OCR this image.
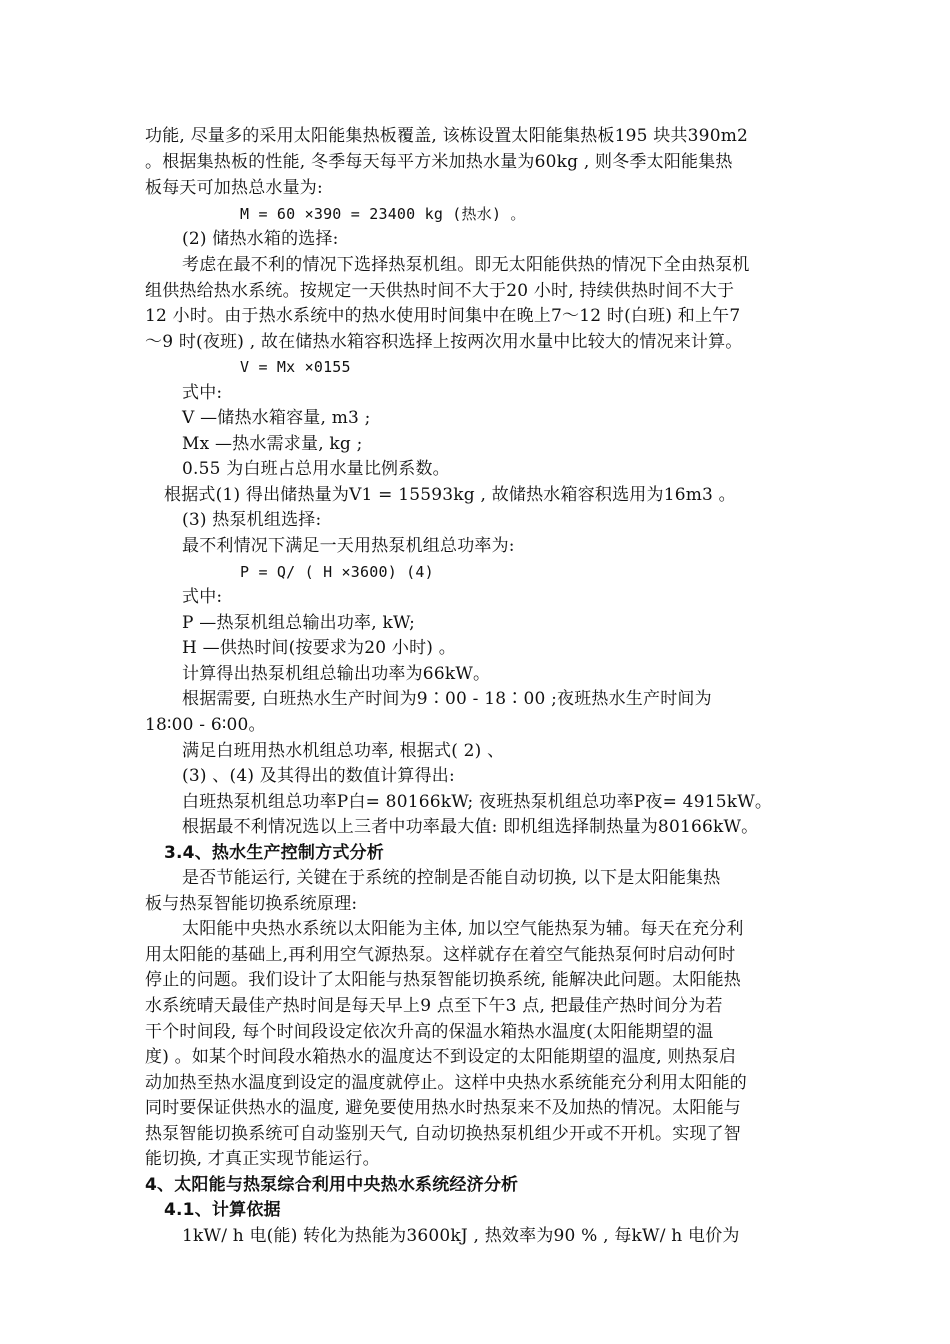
功能, 尽量多的采用太阳能集热板覆盖, 该栋设置太阳能集热板195 块共390m2
。根据集热板的性能, 冬季每天每平方米加热水量为60kg , 则冬季太阳能集热
板每天可加热总水量为:
M = 60 ×390 = 23400 kg (热水) 。
(2) 储热水箱的选择:
考虑在最不利的情况下选择热泵机组。即无太阳能供热的情况下全由热泵机
组供热给热水系统。按规定一天供热时间不大于20 小时, 持续供热时间不大于
12 小时。由于热水系统中的热水使用时间集中在晚上7～12 时(白班) 和上午7
～9 时(夜班) , 故在储热水箱容积选择上按两次用水量中比较大的情况来计算。
V = Mx ×0155
式中:
V —储热水箱容量, m3 ;
Mx —热水需求量, kg ;
0.55 为白班占总用水量比例系数。
根据式(1) 得出储热量为V1 = 15593kg , 故储热水箱容积选用为16m3 。
(3) 热泵机组选择:
最不利情况下满足一天用热泵机组总功率为:
P = Q/ ( H ×3600) (4)
式中:
P —热泵机组总输出功率, kW;
H —供热时间(按要求为20 小时) 。
计算得出热泵机组总输出功率为66kW。
根据需要, 白班热水生产时间为9∶00 - 18∶00 ;夜班热水生产时间为
18∶00 - 6∶00。
满足白班用热水机组总功率, 根据式( 2) 、
(3) 、(4) 及其得出的数值计算得出:
白班热泵机组总功率P白= 80166kW; 夜班热泵机组总功率P夜= 4915kW。
根据最不利情况选以上三者中功率最大值: 即机组选择制热量为80166kW。
3.4、热水生产控制方式分析
是否节能运行, 关键在于系统的控制是否能自动切换, 以下是太阳能集热
板与热泵智能切换系统原理:
太阳能中央热水系统以太阳能为主体, 加以空气能热泵为辅。每天在充分利
用太阳能的基础上,再利用空气源热泵。这样就存在着空气能热泵何时启动何时
停止的问题。我们设计了太阳能与热泵智能切换系统, 能解决此问题。太阳能热
水系统晴天最佳产热时间是每天早上9 点至下午3 点, 把最佳产热时间分为若
干个时间段, 每个时间段设定依次升高的保温水箱热水温度(太阳能期望的温
度) 。如某个时间段水箱热水的温度达不到设定的太阳能期望的温度, 则热泵启
动加热至热水温度到设定的温度就停止。这样中央热水系统能充分利用太阳能的
同时要保证供热水的温度, 避免要使用热水时热泵来不及加热的情况。太阳能与
热泵智能切换系统可自动鉴别天气, 自动切换热泵机组少开或不开机。实现了智
能切换, 才真正实现节能运行。
4、太阳能与热泵综合利用中央热水系统经济分析
4.1、计算依据
1kW/ h 电(能) 转化为热能为3600kJ , 热效率为90 % , 每kW/ h 电价为
